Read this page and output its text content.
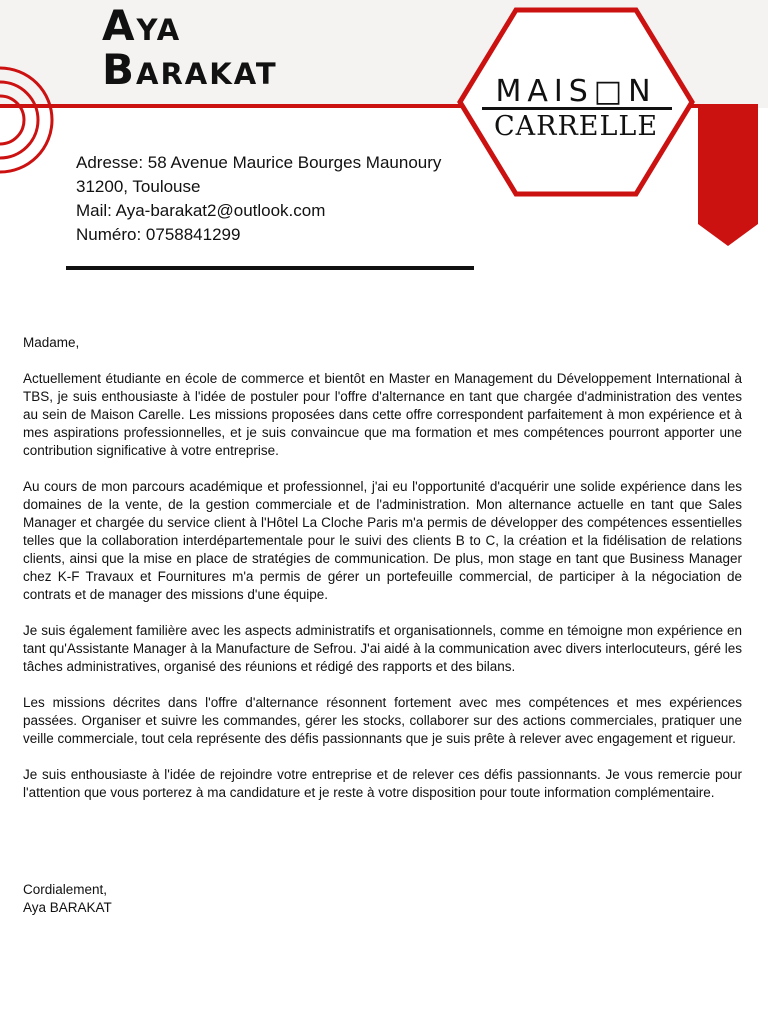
Aya
Barakat
Adresse: 58 Avenue Maurice Bourges Maunoury
31200, Toulouse
Mail: Aya-barakat2@outlook.com
Numéro: 0758841299
MAIS□N
CARRELLE

Madame,

Actuellement étudiante en école de commerce et bientôt en Master en Management du Développement International à TBS, je suis enthousiaste à l'idée de postuler pour l'offre d'alternance en tant que chargée d'administration des ventes au sein de Maison Carelle. Les missions proposées dans cette offre correspondent parfaitement à mon expérience et à mes aspirations professionnelles, et je suis convaincue que ma formation et mes compétences pourront apporter une contribution significative à votre entreprise.

Au cours de mon parcours académique et professionnel, j'ai eu l'opportunité d'acquérir une solide expérience dans les domaines de la vente, de la gestion commerciale et de l'administration. Mon alternance actuelle en tant que Sales Manager et chargée du service client à l'Hôtel La Cloche Paris m'a permis de développer des compétences essentielles telles que la collaboration interdépartementale pour le suivi des clients B to C, la création et la fidélisation de relations clients, ainsi que la mise en place de stratégies de communication. De plus, mon stage en tant que Business Manager chez K-F Travaux et Fournitures m'a permis de gérer un portefeuille commercial, de participer à la négociation de contrats et de manager des missions d'une équipe.

Je suis également familière avec les aspects administratifs et organisationnels, comme en témoigne mon expérience en tant qu'Assistante Manager à la Manufacture de Sefrou. J'ai aidé à la communication avec divers interlocuteurs, géré les tâches administratives, organisé des réunions et rédigé des rapports et des bilans.

Les missions décrites dans l'offre d'alternance résonnent fortement avec mes compétences et mes expériences passées. Organiser et suivre les commandes, gérer les stocks, collaborer sur des actions commerciales, pratiquer une veille commerciale, tout cela représente des défis passionnants que je suis prête à relever avec engagement et rigueur.

Je suis enthousiaste à l'idée de rejoindre votre entreprise et de relever ces défis passionnants. Je vous remercie pour l'attention que vous porterez à ma candidature et je reste à votre disposition pour toute information complémentaire.

Cordialement,
Aya BARAKAT
